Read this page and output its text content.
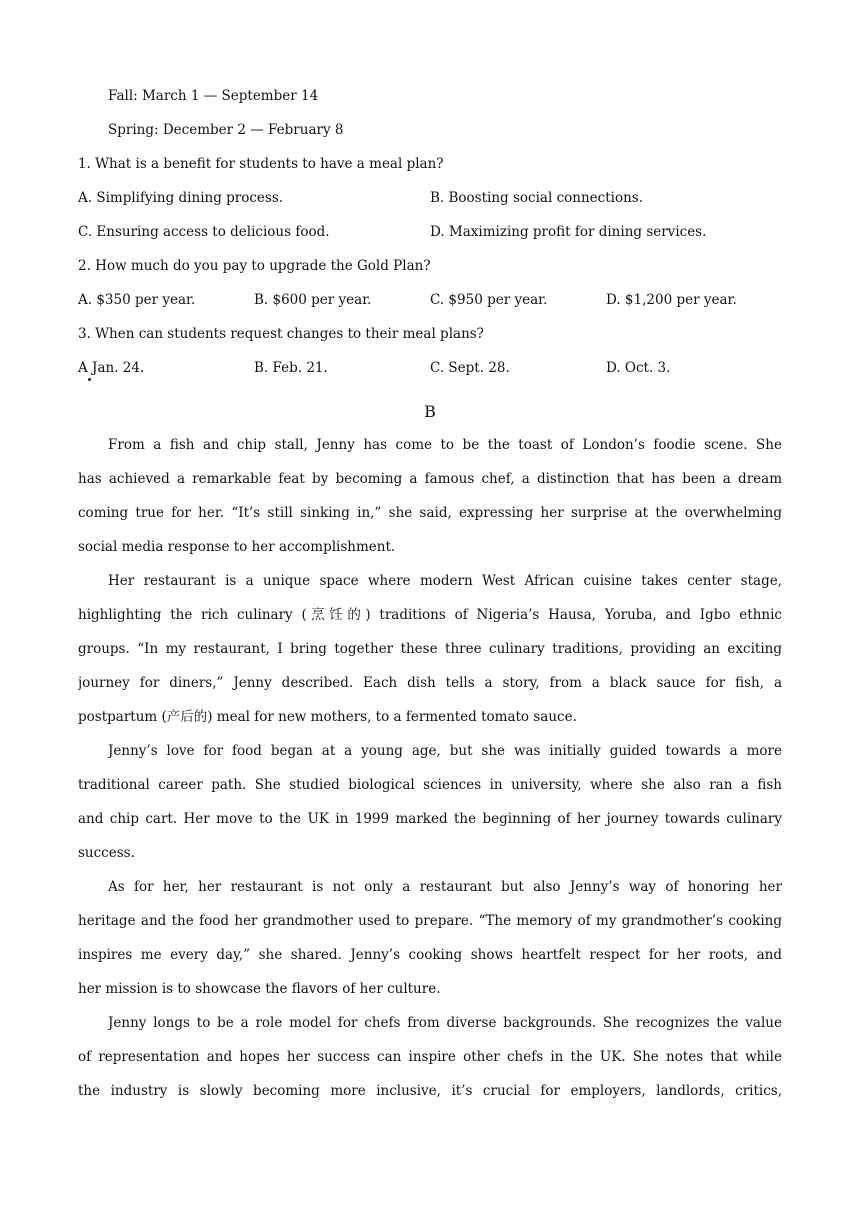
Fall: March 1 — September 14
Spring: December 2 — February 8
1. What is a benefit for students to have a meal plan?
A. Simplifying dining process.	B. Boosting social connections.
C. Ensuring access to delicious food.	D. Maximizing profit for dining services.
2. How much do you pay to upgrade the Gold Plan?
A. $350 per year.	B. $600 per year.	C. $950 per year.	D. $1,200 per year.
3. When can students request changes to their meal plans?
A Jan. 24.	B. Feb. 21.	C. Sept. 28.	D. Oct. 3.
B
From a fish and chip stall, Jenny has come to be the toast of London’s foodie scene. She
has achieved a remarkable feat by becoming a famous chef, a distinction that has been a dream
coming true for her. “It’s still sinking in,” she said, expressing her surprise at the overwhelming
social media response to her accomplishment.
Her restaurant is a unique space where modern West African cuisine takes center stage,
highlighting the rich culinary (烹饪的) traditions of Nigeria’s Hausa, Yoruba, and Igbo ethnic
groups. “In my restaurant, I bring together these three culinary traditions, providing an exciting
journey for diners,” Jenny described. Each dish tells a story, from a black sauce for fish, a
postpartum (产后的) meal for new mothers, to a fermented tomato sauce.
Jenny’s love for food began at a young age, but she was initially guided towards a more
traditional career path. She studied biological sciences in university, where she also ran a fish
and chip cart. Her move to the UK in 1999 marked the beginning of her journey towards culinary
success.
As for her, her restaurant is not only a restaurant but also Jenny’s way of honoring her
heritage and the food her grandmother used to prepare. “The memory of my grandmother’s cooking
inspires me every day,” she shared. Jenny’s cooking shows heartfelt respect for her roots, and
her mission is to showcase the flavors of her culture.
Jenny longs to be a role model for chefs from diverse backgrounds. She recognizes the value
of representation and hopes her success can inspire other chefs in the UK. She notes that while
the industry is slowly becoming more inclusive, it’s crucial for employers, landlords, critics,
